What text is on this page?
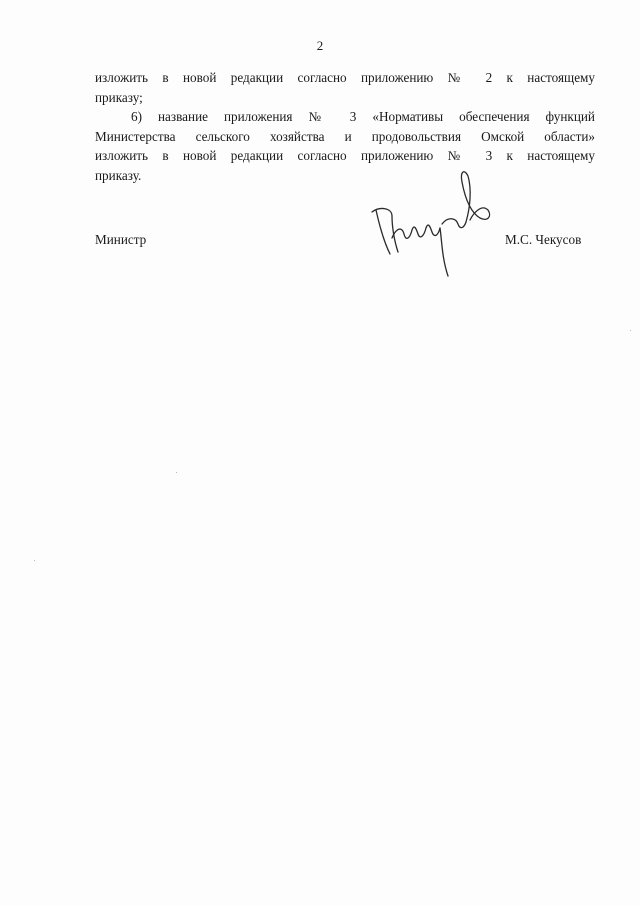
2

изложить в новой редакции согласно приложению № 2 к настоящему

приказу;

6) название приложения № 3 «Нормативы обеспечения функций

Министерства сельского хозяйства и продовольствия Омской области»

изложить в новой редакции согласно приложению № 3 к настоящему

приказу.

Министр	М.С. Чекусов
